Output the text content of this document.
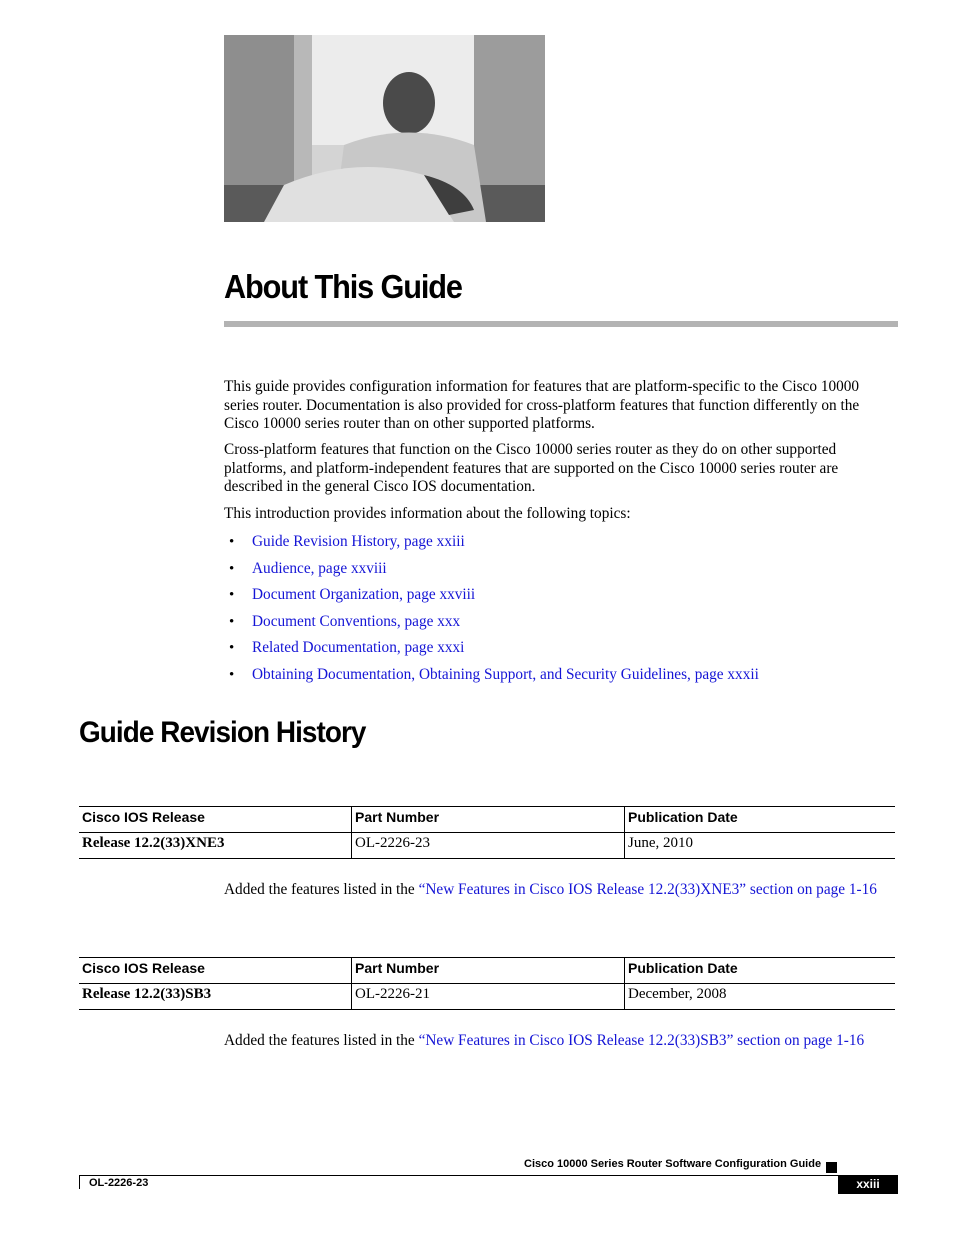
About This Guide

This guide provides configuration information for features that are platform-specific to the Cisco 10000 series router. Documentation is also provided for cross-platform features that function differently on the Cisco 10000 series router than on other supported platforms.

Cross-platform features that function on the Cisco 10000 series router as they do on other supported platforms, and platform-independent features that are supported on the Cisco 10000 series router are described in the general Cisco IOS documentation.

This introduction provides information about the following topics:

• Guide Revision History, page xxiii
• Audience, page xxviii
• Document Organization, page xxviii
• Document Conventions, page xxx
• Related Documentation, page xxxi
• Obtaining Documentation, Obtaining Support, and Security Guidelines, page xxxii
Guide Revision History
Cisco IOS Release	Part Number	Publication Date
Release 12.2(33)XNE3	OL-2226-23	June, 2010

Added the features listed in the “New Features in Cisco IOS Release 12.2(33)XNE3” section on page 1-16

Cisco IOS Release	Part Number	Publication Date
Release 12.2(33)SB3	OL-2226-21	December, 2008

Added the features listed in the “New Features in Cisco IOS Release 12.2(33)SB3” section on page 1-16

Cisco 10000 Series Router Software Configuration Guide
OL-2226-23	xxiii
